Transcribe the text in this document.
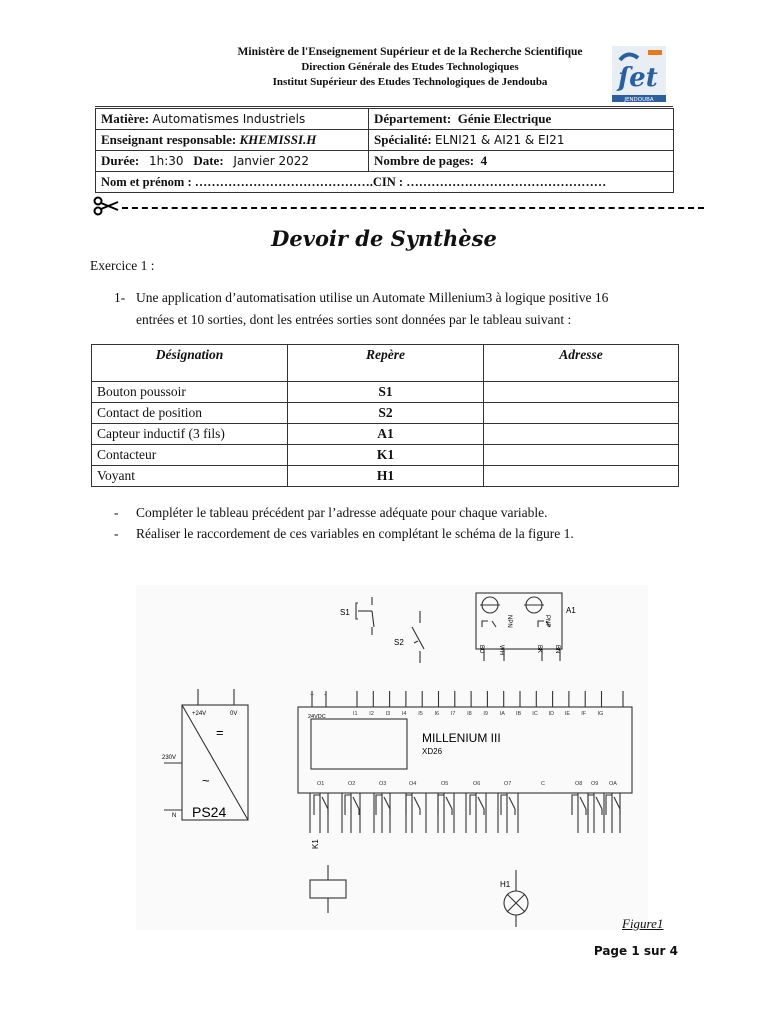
Ministère de l'Enseignement Supérieur et de la Recherche Scientifique
Direction Générale des Etudes Technologiques
Institut Supérieur des Etudes Technologiques de Jendouba	ſet
JENDOUBA
Matière: Automatismes Industriels	Département: Génie Electrique
Enseignant responsable: KHEMISSI.H	Spécialité: ELNI21 & AI21 & EI21
Durée: 1h:30 Date: Janvier 2022	Nombre de pages: 4
Nom et prénom : …………………………………….CIN : …………………………………………	
Devoir de Synthèse
Exercice 1 :
1- Une application d’automatisation utilise un Automate Millenium3 à logique positive 16
entrées et 10 sorties, dont les entrées sorties sont données par le tableau suivant :
Désignation	Repère	Adresse
Bouton poussoir	S1	
Contact de position	S2	
Capteur inductif (3 fils)	A1	
Contacteur	K1	
Voyant	H1	
- Compléter le tableau précédent par l’adresse adéquate pour chaque variable.
- Réaliser le raccordement de ces variables en complétant le schéma de la figure 1.
S1
S2
A1
NPN	PNP
BU WH	BK BN
+24V	0V
230V
N
=
~
PS24
MILLENIUM III
XD26
24VDC
K1
H1
+ -
I1 I2 I3 I4 I5 I6 I7 I8 I9 IA IB IC ID IE IF IG
O1	O2	O3	O4	O5	O6	O7	C	O8 O9 OA
Figure1
Page 1 sur 4
